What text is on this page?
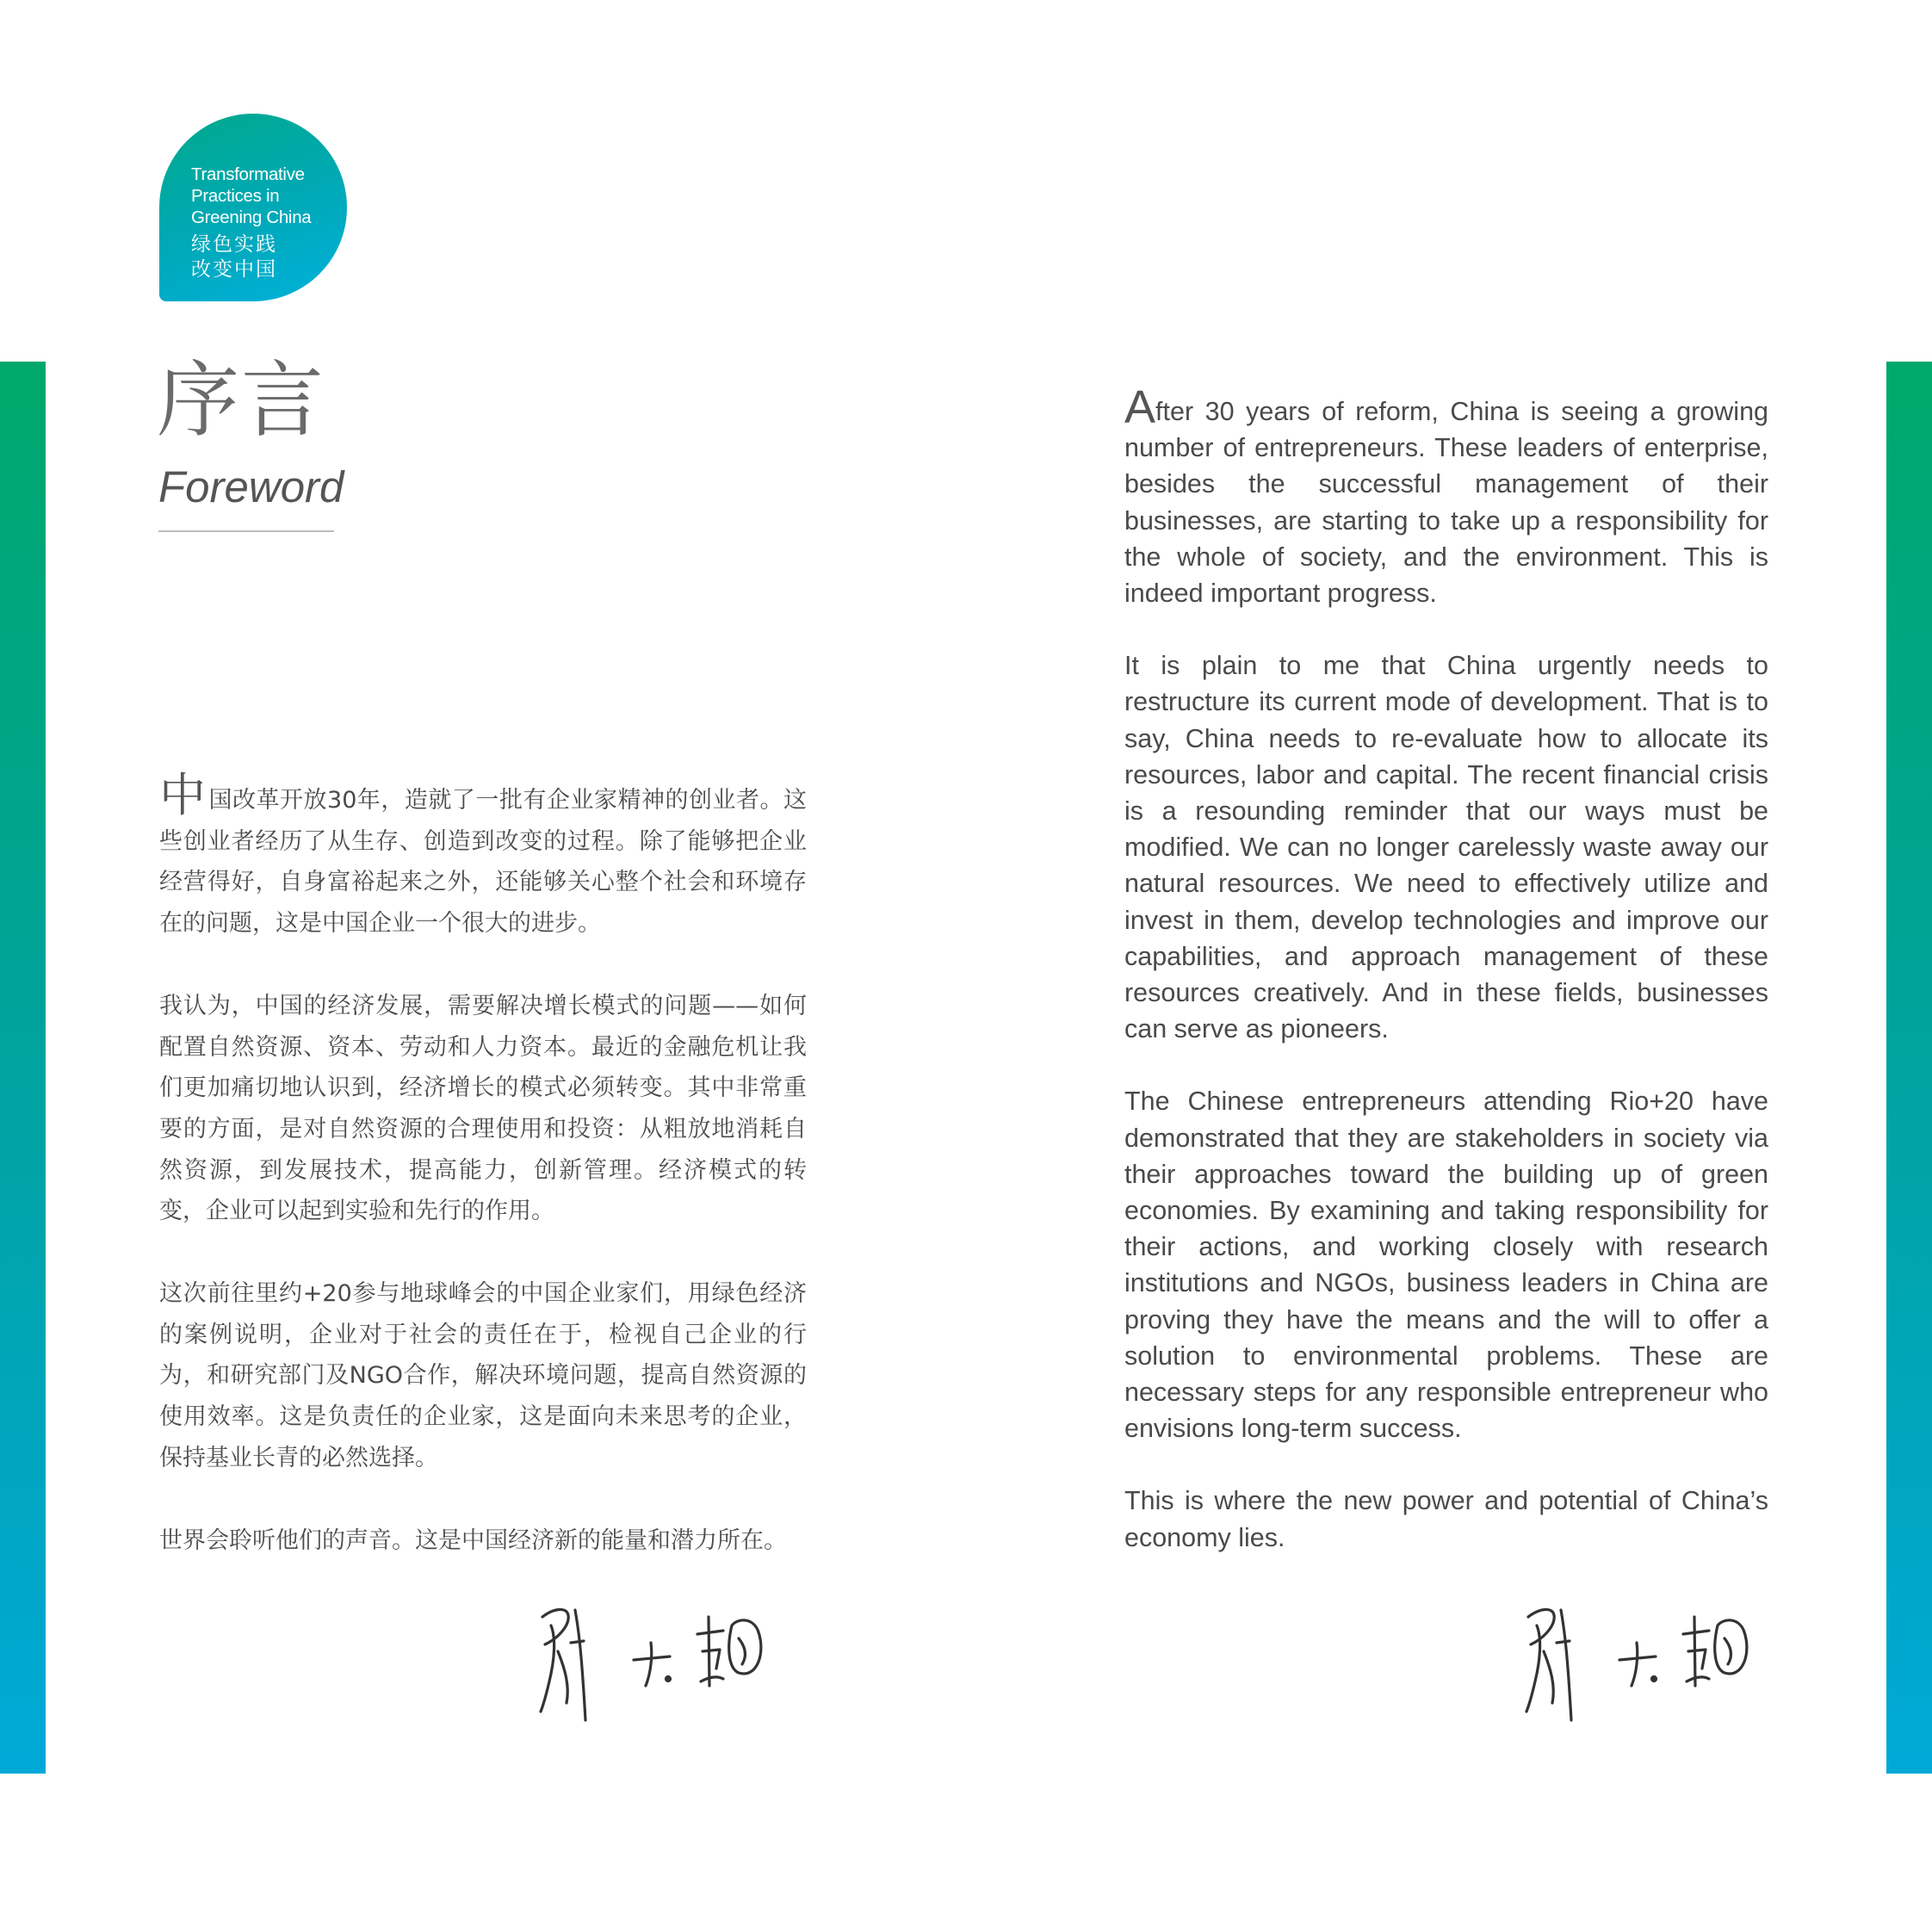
Transformative
Practices in
Greening China
绿色实践
改变中国
序言
Foreword

中国改革开放30年，造就了一批有企业家精神的创业者。这些创业者经历了从生存、创造到改变的过程。除了能够把企业经营得好，自身富裕起来之外，还能够关心整个社会和环境存在的问题，这是中国企业一个很大的进步。

我认为，中国的经济发展，需要解决增长模式的问题——如何配置自然资源、资本、劳动和人力资本。最近的金融危机让我们更加痛切地认识到，经济增长的模式必须转变。其中非常重要的方面，是对自然资源的合理使用和投资：从粗放地消耗自然资源，到发展技术，提高能力，创新管理。经济模式的转变，企业可以起到实验和先行的作用。

这次前往里约+20参与地球峰会的中国企业家们，用绿色经济的案例说明，企业对于社会的责任在于，检视自己企业的行为，和研究部门及NGO合作，解决环境问题，提高自然资源的使用效率。这是负责任的企业家，这是面向未来思考的企业，保持基业长青的必然选择。

世界会聆听他们的声音。这是中国经济新的能量和潜力所在。

After 30 years of reform, China is seeing a growing number of entrepreneurs. These leaders of enterprise, besides the successful management of their businesses, are starting to take up a responsibility for the whole of society, and the environment. This is indeed important progress.

It is plain to me that China urgently needs to restructure its current mode of development. That is to say, China needs to re-evaluate how to allocate its resources, labor and capital. The recent financial crisis is a resounding reminder that our ways must be modified. We can no longer carelessly waste away our natural resources. We need to effectively utilize and invest in them, develop technologies and improve our capabilities, and approach management of these resources creatively. And in these fields, businesses can serve as pioneers.

The Chinese entrepreneurs attending Rio+20 have demonstrated that they are stakeholders in society via their approaches toward the building up of green economies. By examining and taking responsibility for their actions, and working closely with research institutions and NGOs, business leaders in China are proving they have the means and the will to offer a solution to environmental problems. These are necessary steps for any responsible entrepreneur who envisions long-term success.

This is where the new power and potential of China’s economy lies.
